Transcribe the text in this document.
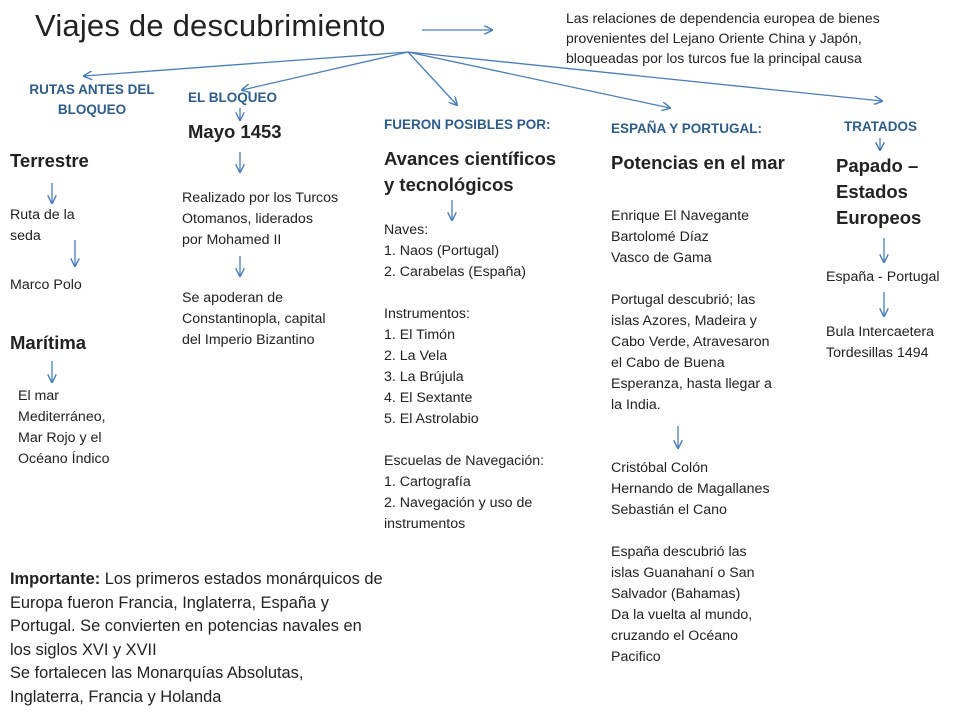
Viajes de descubrimiento	Las relaciones de dependencia europea de bienes
provenientes del Lejano Oriente China y Japón,
bloqueadas por los turcos fue la principal causa
RUTAS ANTES DEL
BLOQUEO
Terrestre
Ruta de la
seda
Marco Polo
Marítima
El mar
Mediterráneo,
Mar Rojo y el
Océano Índico
EL BLOQUEO
Mayo 1453
Realizado por los Turcos
Otomanos, liderados
por Mohamed II
Se apoderan de
Constantinopla, capital
del Imperio Bizantino
FUERON POSIBLES POR:
Avances científicos
y tecnológicos
Naves:
1. Naos (Portugal)
2. Carabelas (España)

Instrumentos:
1. El Timón
2. La Vela
3. La Brújula
4. El Sextante
5. El Astrolabio

Escuelas de Navegación:
1. Cartografía
2. Navegación y uso de
instrumentos
ESPAÑA Y PORTUGAL:
Potencias en el mar
Enrique El Navegante
Bartolomé Díaz
Vasco de Gama

Portugal descubrió; las
islas Azores, Madeira y
Cabo Verde, Atravesaron
el Cabo de Buena
Esperanza, hasta llegar a
la India.
Cristóbal Colón
Hernando de Magallanes
Sebastián el Cano

España descubrió las
islas Guanahaní o San
Salvador (Bahamas)
Da la vuelta al mundo,
cruzando el Océano
Pacifico
TRATADOS
Papado –
Estados
Europeos
España - Portugal
Bula Intercaetera
Tordesillas 1494
Importante: Los primeros estados monárquicos de
Europa fueron Francia, Inglaterra, España y
Portugal. Se convierten en potencias navales en
los siglos XVI y XVII
Se fortalecen las Monarquías Absolutas,
Inglaterra, Francia y Holanda
